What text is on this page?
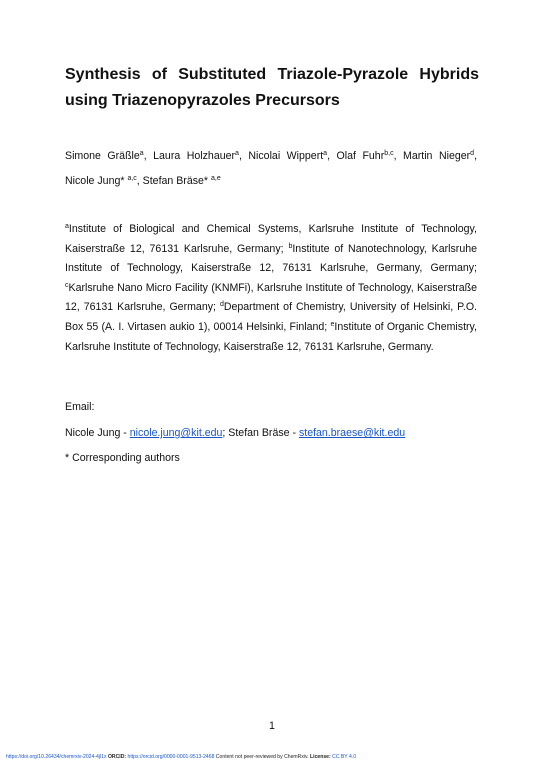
Synthesis of Substituted Triazole-Pyrazole Hybrids using Triazenopyrazoles Precursors
Simone Gräßle$^a$, Laura Holzhauer$^a$, Nicolai Wippert$^a$, Olaf Fuhr$^{b,c}$, Martin Nieger$^d$, Nicole Jung* $^{a,c}$, Stefan Bräse* $^{a,e}$
$^a$Institute of Biological and Chemical Systems, Karlsruhe Institute of Technology, Kaiserstraße 12, 76131 Karlsruhe, Germany; $^b$Institute of Nanotechnology, Karlsruhe Institute of Technology, Kaiserstraße 12, 76131 Karlsruhe, Germany, Germany; $^c$Karlsruhe Nano Micro Facility (KNMFi), Karlsruhe Institute of Technology, Kaiserstraße 12, 76131 Karlsruhe, Germany; $^d$Department of Chemistry, University of Helsinki, P.O. Box 55 (A. I. Virtasen aukio 1), 00014 Helsinki, Finland; $^e$Institute of Organic Chemistry, Karlsruhe Institute of Technology, Kaiserstraße 12, 76131 Karlsruhe, Germany.
Email:
Nicole Jung - nicole.jung@kit.edu; Stefan Bräse - stefan.braese@kit.edu
* Corresponding authors
1
https://doi.org/10.26434/chemrxiv-2024-4jl1x ORCID: https://orcid.org/0000-0001-9513-2468 Content not peer-reviewed by ChemRxiv. License: CC BY 4.0
